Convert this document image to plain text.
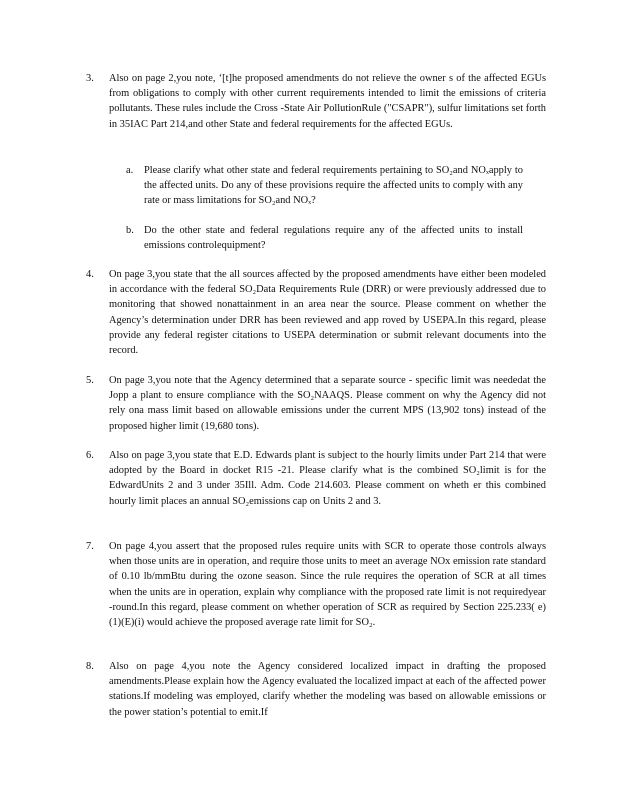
3. Also on page 2,you note, ‘[t]he proposed amendments do not relieve the owner s of the affected EGUs from obligations to comply with other current requirements intended to limit the emissions of criteria pollutants. These rules include the Cross -State Air PollutionRule ("CSAPR"), sulfur limitations set forth in 35IAC Part 214,and other State and federal requirements for the affected EGUs.
a. Please clarify what other state and federal requirements pertaining to SO₂and NOₓapply to the affected units. Do any of these provisions require the affected units to comply with any rate or mass limitations for SO₂and NOₓ?
b. Do the other state and federal regulations require any of the affected units to install emissions controlequipment?
4. On page 3,you state that the all sources affected by the proposed amendments have either been modeled in accordance with the federal SO₂Data Requirements Rule (DRR) or were previously addressed due to monitoring that showed nonattainment in an area near the source. Please comment on whether the Agency’s determination under DRR has been reviewed and app roved by USEPA.In this regard, please provide any federal register citations to USEPA determination or submit relevant documents into the record.
5. On page 3,you note that the Agency determined that a separate source - specific limit was neededat the Jopp a plant to ensure compliance with the SO₂NAAQS. Please comment on why the Agency did not rely ona mass limit based on allowable emissions under the current MPS (13,902 tons) instead of the proposed higher limit (19,680 tons).
6. Also on page 3,you state that E.D. Edwards plant is subject to the hourly limits under Part 214 that were adopted by the Board in docket R15 -21. Please clarify what is the combined SO₂limit is for the EdwardUnits 2 and 3 under 35Ill. Adm. Code 214.603. Please comment on wheth er this combined hourly limit places an annual SO₂emissions cap on Units 2 and 3.
7. On page 4,you assert that the proposed rules require units with SCR to operate those controls always when those units are in operation, and require those units to meet an average NOx emission rate standard of 0.10 lb/mmBtu during the ozone season. Since the rule requires the operation of SCR at all times when the units are in operation, explain why compliance with the proposed rate limit is not requiredyear -round.In this regard, please comment on whether operation of SCR as required by Section 225.233( e)(1)(E)(i) would achieve the proposed average rate limit for SO₂.
8. Also on page 4,you note the Agency considered localized impact in drafting the proposed amendments.Please explain how the Agency evaluated the localized impact at each of the affected power stations.If modeling was employed, clarify whether the modeling was based on allowable emissions or the power station’s potential to emit.If
